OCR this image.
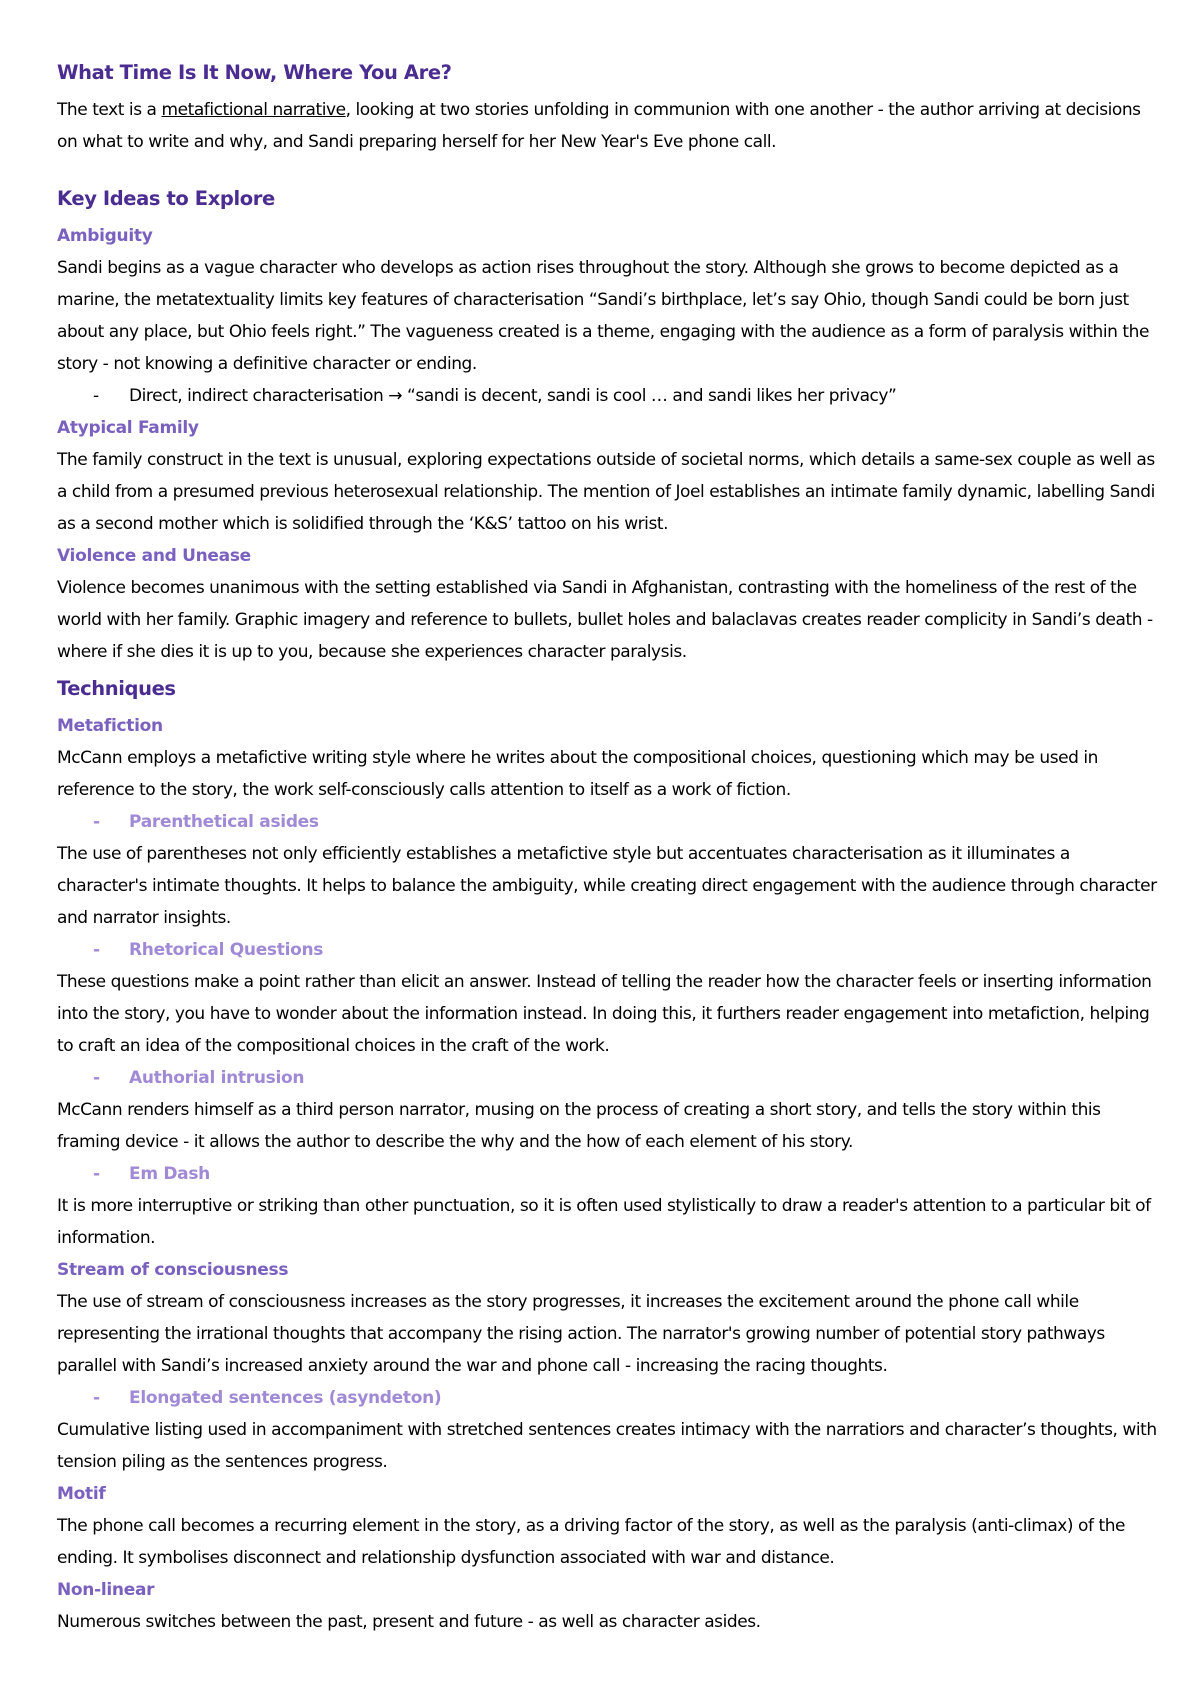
What Time Is It Now, Where You Are?

The text is a metafictional narrative, looking at two stories unfolding in communion with one another - the author arriving at decisions on what to write and why, and Sandi preparing herself for her New Year's Eve phone call.

Key Ideas to Explore
Ambiguity

Sandi begins as a vague character who develops as action rises throughout the story. Although she grows to become depicted as a marine, the metatextuality limits key features of characterisation “Sandi’s birthplace, let’s say Ohio, though Sandi could be born just about any place, but Ohio feels right.” The vagueness created is a theme, engaging with the audience as a form of paralysis within the story - not knowing a definitive character or ending.

- Direct, indirect characterisation → “sandi is decent, sandi is cool … and sandi likes her privacy”

Atypical Family

The family construct in the text is unusual, exploring expectations outside of societal norms, which details a same-sex couple as well as a child from a presumed previous heterosexual relationship. The mention of Joel establishes an intimate family dynamic, labelling Sandi as a second mother which is solidified through the ‘K&S’ tattoo on his wrist.

Violence and Unease

Violence becomes unanimous with the setting established via Sandi in Afghanistan, contrasting with the homeliness of the rest of the world with her family. Graphic imagery and reference to bullets, bullet holes and balaclavas creates reader complicity in Sandi’s death - where if she dies it is up to you, because she experiences character paralysis.

Techniques
Metafiction

McCann employs a metafictive writing style where he writes about the compositional choices, questioning which may be used in reference to the story, the work self-consciously calls attention to itself as a work of fiction.

- Parenthetical asides

The use of parentheses not only efficiently establishes a metafictive style but accentuates characterisation as it illuminates a character's intimate thoughts. It helps to balance the ambiguity, while creating direct engagement with the audience through character and narrator insights.

- Rhetorical Questions

These questions make a point rather than elicit an answer. Instead of telling the reader how the character feels or inserting information into the story, you have to wonder about the information instead. In doing this, it furthers reader engagement into metafiction, helping to craft an idea of the compositional choices in the craft of the work.

- Authorial intrusion

McCann renders himself as a third person narrator, musing on the process of creating a short story, and tells the story within this framing device - it allows the author to describe the why and the how of each element of his story.

- Em Dash

It is more interruptive or striking than other punctuation, so it is often used stylistically to draw a reader's attention to a particular bit of information.

Stream of consciousness

The use of stream of consciousness increases as the story progresses, it increases the excitement around the phone call while representing the irrational thoughts that accompany the rising action. The narrator's growing number of potential story pathways parallel with Sandi’s increased anxiety around the war and phone call - increasing the racing thoughts.

- Elongated sentences (asyndeton)

Cumulative listing used in accompaniment with stretched sentences creates intimacy with the narratiors and character’s thoughts, with tension piling as the sentences progress.

Motif

The phone call becomes a recurring element in the story, as a driving factor of the story, as well as the paralysis (anti-climax) of the ending. It symbolises disconnect and relationship dysfunction associated with war and distance.

Non-linear

Numerous switches between the past, present and future - as well as character asides.
